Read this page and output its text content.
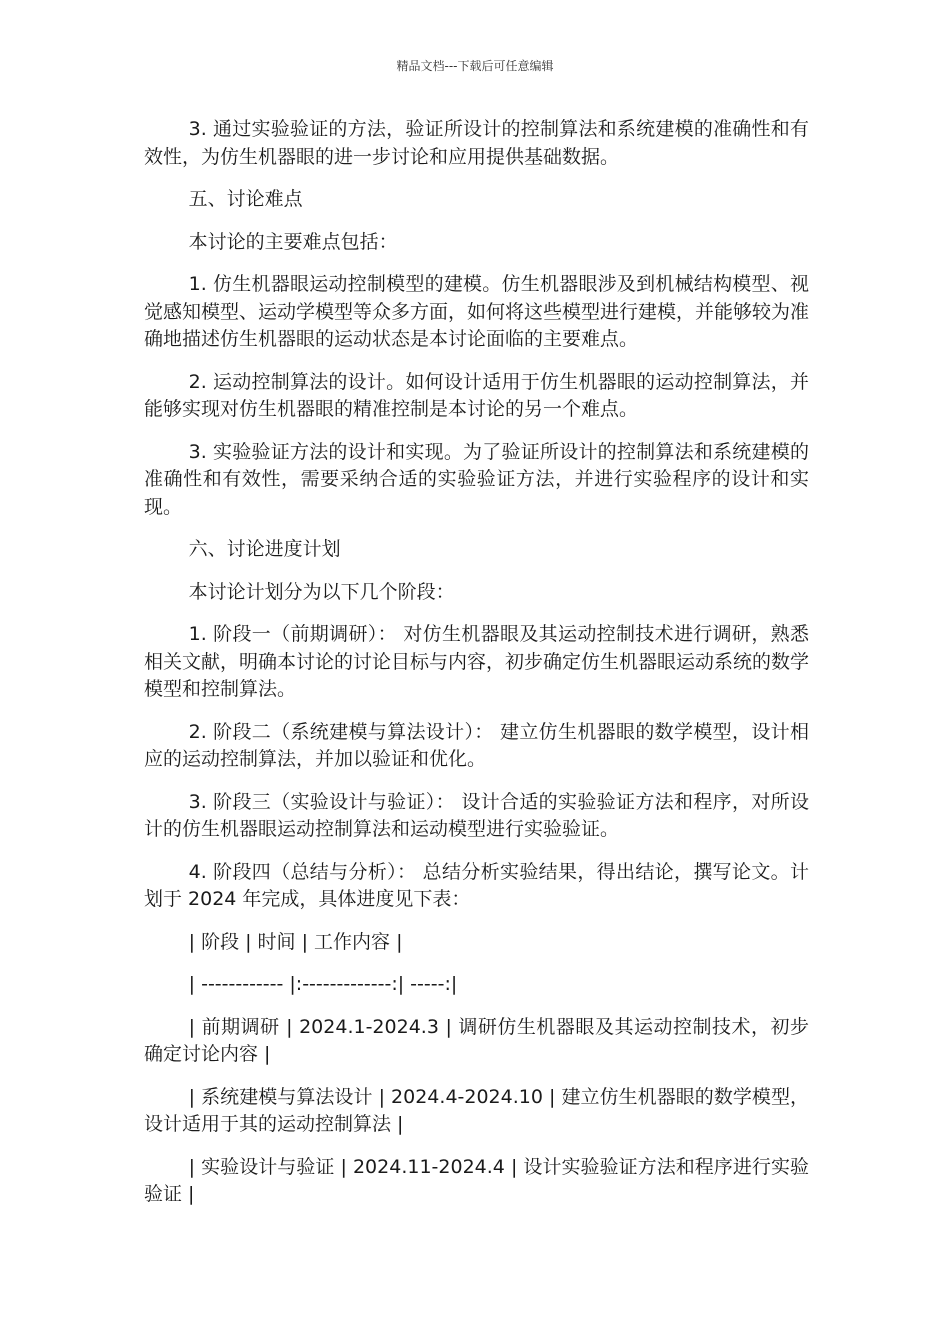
精品文档---下载后可任意编辑

3. 通过实验验证的方法，验证所设计的控制算法和系统建模的准确性和有效性，为仿生机器眼的进一步讨论和应用提供基础数据。

五、讨论难点

本讨论的主要难点包括：

1. 仿生机器眼运动控制模型的建模。仿生机器眼涉及到机械结构模型、视觉感知模型、运动学模型等众多方面，如何将这些模型进行建模，并能够较为准确地描述仿生机器眼的运动状态是本讨论面临的主要难点。

2. 运动控制算法的设计。如何设计适用于仿生机器眼的运动控制算法，并能够实现对仿生机器眼的精准控制是本讨论的另一个难点。

3. 实验验证方法的设计和实现。为了验证所设计的控制算法和系统建模的准确性和有效性，需要采纳合适的实验验证方法，并进行实验程序的设计和实现。

六、讨论进度计划

本讨论计划分为以下几个阶段：

1. 阶段一（前期调研）： 对仿生机器眼及其运动控制技术进行调研，熟悉相关文献，明确本讨论的讨论目标与内容，初步确定仿生机器眼运动系统的数学模型和控制算法。

2. 阶段二（系统建模与算法设计）： 建立仿生机器眼的数学模型，设计相应的运动控制算法，并加以验证和优化。

3. 阶段三（实验设计与验证）： 设计合适的实验验证方法和程序，对所设计的仿生机器眼运动控制算法和运动模型进行实验验证。

4. 阶段四（总结与分析）： 总结分析实验结果，得出结论，撰写论文。计划于 2024 年完成，具体进度见下表：

| 阶段 | 时间 | 工作内容 |

| ------------ |:-------------:| -----:|

| 前期调研 | 2024.1-2024.3 | 调研仿生机器眼及其运动控制技术，初步确定讨论内容 |

| 系统建模与算法设计 | 2024.4-2024.10 | 建立仿生机器眼的数学模型，设计适用于其的运动控制算法 |

| 实验设计与验证 | 2024.11-2024.4 | 设计实验验证方法和程序进行实验验证 |
